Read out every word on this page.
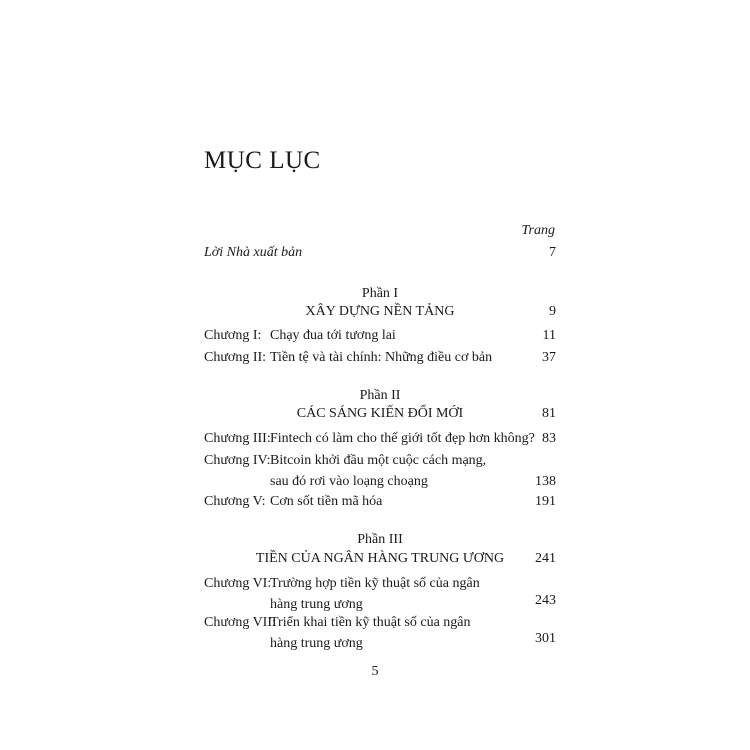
MỤC LỤC
Trang
Lời Nhà xuất bản	7
Phần I
XÂY DỰNG NỀN TẢNG	9
Chương I: Chạy đua tới tương lai	11
Chương II: Tiền tệ và tài chính: Những điều cơ bản	37
Phần II
CÁC SÁNG KIẾN ĐỔI MỚI	81
Chương III: Fintech có làm cho thế giới tốt đẹp hơn không? 83
Chương IV: Bitcoin khởi đầu một cuộc cách mạng, sau đó rơi vào loạng choạng	138
Chương V: Cơn sốt tiền mã hóa	191
Phần III
TIỀN CỦA NGÂN HÀNG TRUNG ƯƠNG 241
Chương VI:
Trường hợp tiền kỹ thuật số của ngân hàng trung ương	243
Chương VII:
Triển khai tiền kỹ thuật số của ngân hàng trung ương	301
5
